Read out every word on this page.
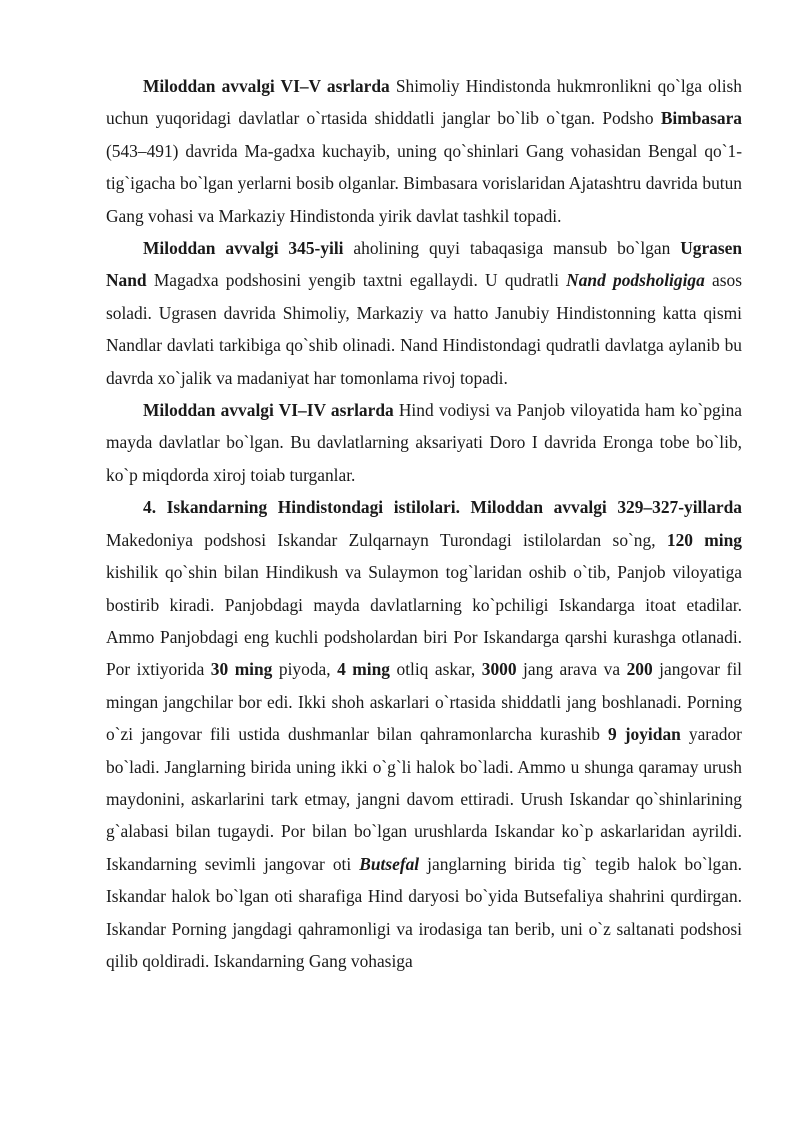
Miloddan avvalgi VI–V asrlarda Shimoliy Hindistonda hukmronlikni qo`lga olish uchun yuqoridagi davlatlar o`rtasida shiddatli janglar bo`lib o`tgan. Podsho Bimbasara (543–491) davrida Ma-gadxa kuchayib, uning qo`shinlari Gang vohasidan Bengal qo`1-tig`igacha bo`lgan yerlarni bosib olganlar. Bimbasara vorislaridan Ajatashtru davrida butun Gang vohasi va Markaziy Hindistonda yirik davlat tashkil topadi.

Miloddan avvalgi 345-yili aholining quyi tabaqasiga mansub bo`lgan Ugrasen Nand Magadxa podshosini yengib taxtni egallaydi. U qudratli Nand podsholigiga asos soladi. Ugrasen davrida Shimoliy, Markaziy va hatto Janubiy Hindistonning katta qismi Nandlar davlati tarkibiga qo`shib olinadi. Nand Hindistondagi qudratli davlatga aylanib bu davrda xo`jalik va madaniyat har tomonlama rivoj topadi.

Miloddan avvalgi VI–IV asrlarda Hind vodiysi va Panjob viloyatida ham ko`pgina mayda davlatlar bo`lgan. Bu davlatlarning aksariyati Doro I davrida Eronga tobe bo`lib, ko`p miqdorda xiroj toiab turganlar.

4. Iskandarning Hindistondagi istilolari. Miloddan avvalgi 329–327-yillarda Makedoniya podshosi Iskandar Zulqarnayn Turondagi istilolardan so`ng, 120 ming kishilik qo`shin bilan Hindikush va Sulaymon tog`laridan oshib o`tib, Panjob viloyatiga bostirib kiradi. Panjobdagi mayda davlatlarning ko`pchiligi Iskandarga itoat etadilar. Ammo Panjobdagi eng kuchli podsholardan biri Por Iskandarga qarshi kurashga otlanadi. Por ixtiyorida 30 ming piyoda, 4 ming otliq askar, 3000 jang arava va 200 jangovar fil mingan jangchilar bor edi. Ikki shoh askarlari o`rtasida shiddatli jang boshlanadi. Porning o`zi jangovar fili ustida dushmanlar bilan qahramonlarcha kurashib 9 joyidan yarador bo`ladi. Janglarning birida uning ikki o`g`li halok bo`ladi. Ammo u shunga qaramay urush maydonini, askarlarini tark etmay, jangni davom ettiradi. Urush Iskandar qo`shinlarining g`alabasi bilan tugaydi. Por bilan bo`lgan urushlarda Iskandar ko`p askarlaridan ayrildi. Iskandarning sevimli jangovar oti Butsefal janglarning birida tig` tegib halok bo`lgan. Iskandar halok bo`lgan oti sharafiga Hind daryosi bo`yida Butsefaliya shahrini qurdirgan. Iskandar Porning jangdagi qahramonligi va irodasiga tan berib, uni o`z saltanati podshosi qilib qoldiradi. Iskandarning Gang vohasiga
